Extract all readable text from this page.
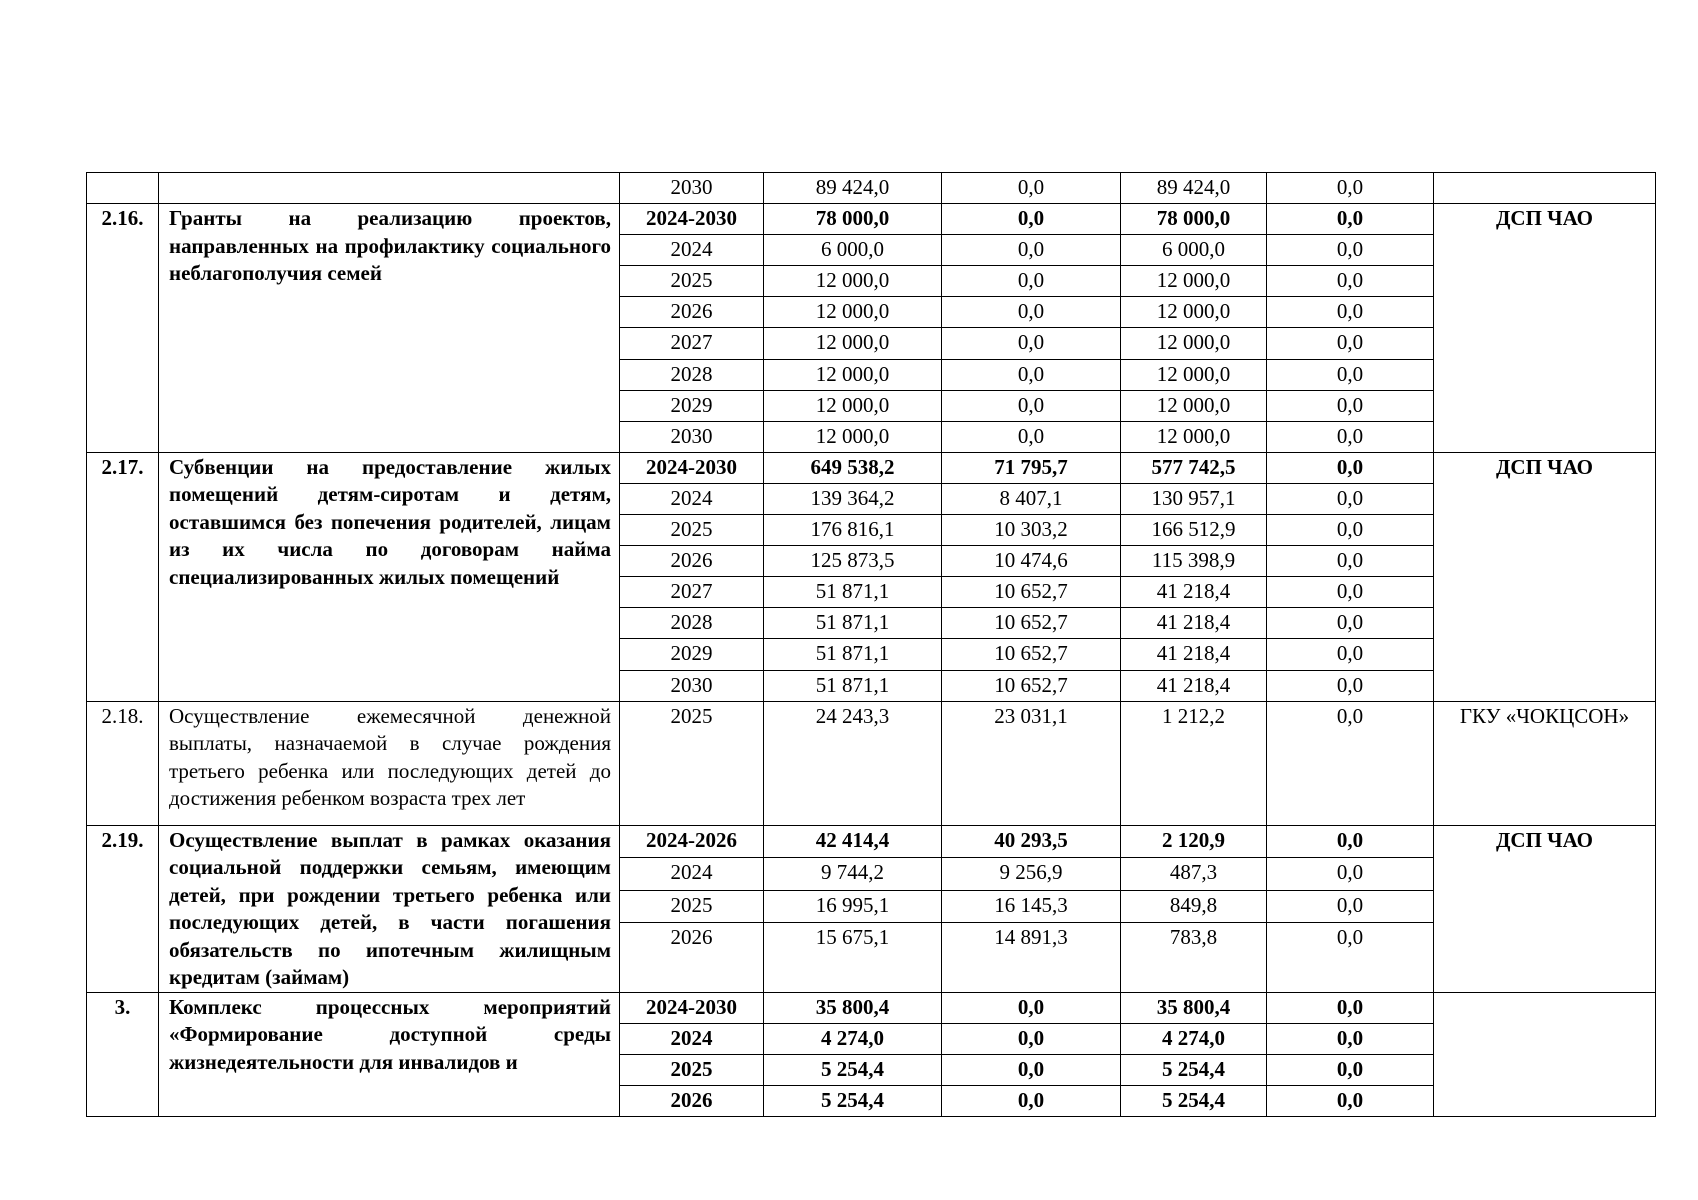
		2030	89 424,0	0,0	89 424,0	0,0	
2.16.	Гранты на реализацию проектов, направленных на профилактику социального неблагополучия семей	2024-2030	78 000,0	0,0	78 000,0	0,0	ДСП ЧАО
		2024	6 000,0	0,0	6 000,0	0,0	
		2025	12 000,0	0,0	12 000,0	0,0	
		2026	12 000,0	0,0	12 000,0	0,0	
		2027	12 000,0	0,0	12 000,0	0,0	
		2028	12 000,0	0,0	12 000,0	0,0	
		2029	12 000,0	0,0	12 000,0	0,0	
		2030	12 000,0	0,0	12 000,0	0,0	
2.17.	Субвенции на предоставление жилых помещений детям-сиротам и детям, оставшимся без попечения родителей, лицам из их числа по договорам найма специализированных жилых помещений	2024-2030	649 538,2	71 795,7	577 742,5	0,0	ДСП ЧАО
		2024	139 364,2	8 407,1	130 957,1	0,0	
		2025	176 816,1	10 303,2	166 512,9	0,0	
		2026	125 873,5	10 474,6	115 398,9	0,0	
		2027	51 871,1	10 652,7	41 218,4	0,0	
		2028	51 871,1	10 652,7	41 218,4	0,0	
		2029	51 871,1	10 652,7	41 218,4	0,0	
		2030	51 871,1	10 652,7	41 218,4	0,0	
2.18.	Осуществление ежемесячной денежной выплаты, назначаемой в случае рождения третьего ребенка или последующих детей до достижения ребенком возраста трех лет	2025	24 243,3	23 031,1	1 212,2	0,0	ГКУ «ЧОКЦСОН»
2.19.	Осуществление выплат в рамках оказания социальной поддержки семьям, имеющим детей, при рождении третьего ребенка или последующих детей, в части погашения обязательств по ипотечным жилищным кредитам (займам)	2024-2026	42 414,4	40 293,5	2 120,9	0,0	ДСП ЧАО
		2024	9 744,2	9 256,9	487,3	0,0	
		2025	16 995,1	16 145,3	849,8	0,0	
		2026	15 675,1	14 891,3	783,8	0,0	
3.	Комплекс процессных мероприятий «Формирование доступной среды жизнедеятельности для инвалидов и	2024-2030	35 800,4	0,0	35 800,4	0,0	
		2024	4 274,0	0,0	4 274,0	0,0	
		2025	5 254,4	0,0	5 254,4	0,0	
		2026	5 254,4	0,0	5 254,4	0,0	
